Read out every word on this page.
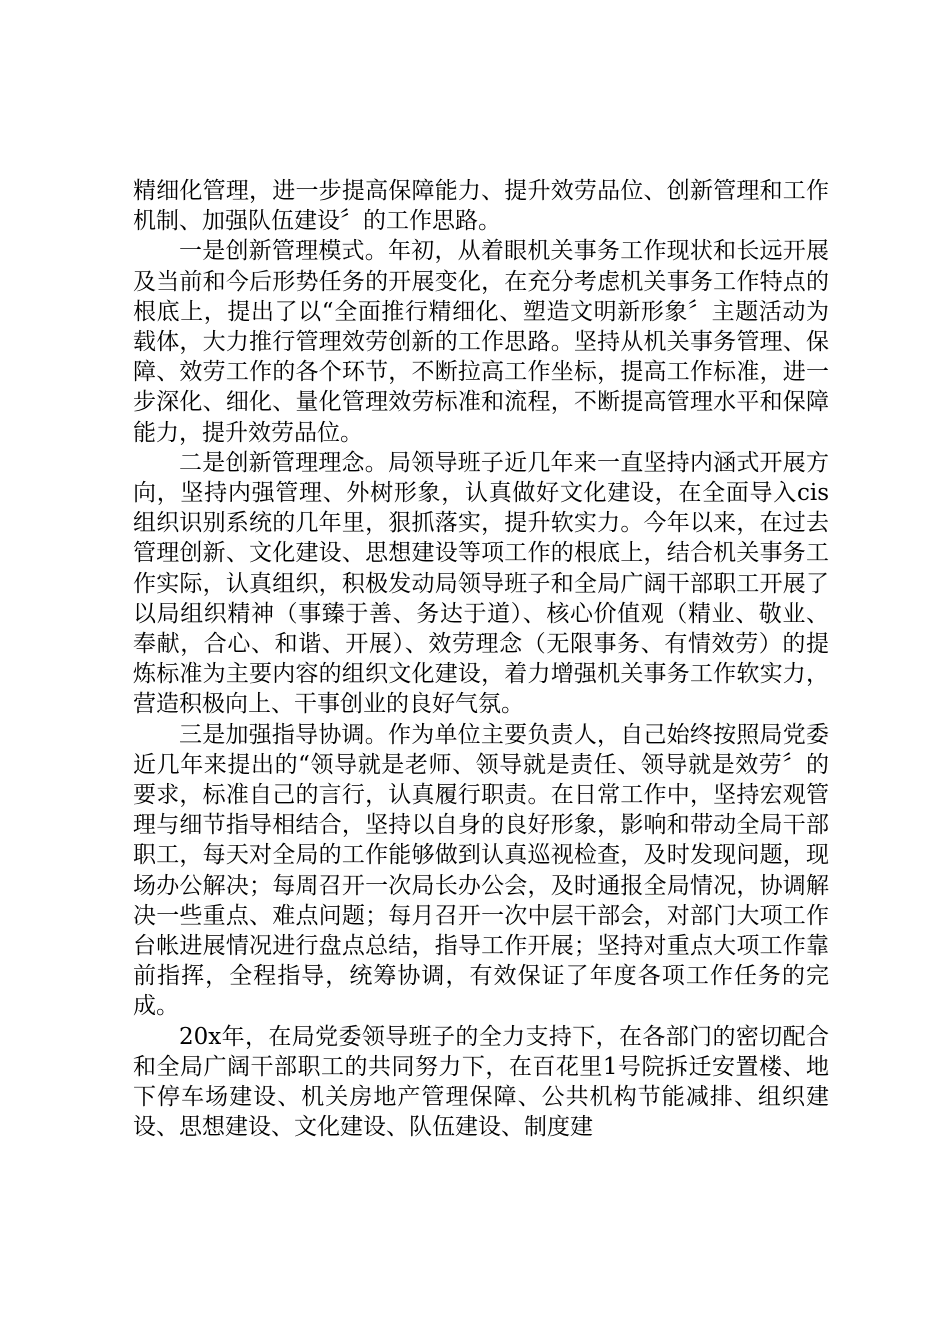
精细化管理，进一步提高保障能力、提升效劳品位、创新管理和工作机制、加强队伍建设〞的工作思路。

一是创新管理模式。年初，从着眼机关事务工作现状和长远开展及当前和今后形势任务的开展变化，在充分考虑机关事务工作特点的根底上，提出了以“全面推行精细化、塑造文明新形象〞主题活动为载体，大力推行管理效劳创新的工作思路。坚持从机关事务管理、保障、效劳工作的各个环节，不断拉高工作坐标，提高工作标准，进一步深化、细化、量化管理效劳标准和流程，不断提高管理水平和保障能力，提升效劳品位。

二是创新管理理念。局领导班子近几年来一直坚持内涵式开展方向，坚持内强管理、外树形象，认真做好文化建设，在全面导入cis组织识别系统的几年里，狠抓落实，提升软实力。今年以来，在过去管理创新、文化建设、思想建设等项工作的根底上，结合机关事务工作实际，认真组织，积极发动局领导班子和全局广阔干部职工开展了以局组织精神（事臻于善、务达于道）、核心价值观（精业、敬业、奉献，合心、和谐、开展）、效劳理念（无限事务、有情效劳）的提炼标准为主要内容的组织文化建设，着力增强机关事务工作软实力，营造积极向上、干事创业的良好气氛。

三是加强指导协调。作为单位主要负责人，自己始终按照局党委近几年来提出的“领导就是老师、领导就是责任、领导就是效劳〞的要求，标准自己的言行，认真履行职责。在日常工作中，坚持宏观管理与细节指导相结合，坚持以自身的良好形象，影响和带动全局干部职工，每天对全局的工作能够做到认真巡视检查，及时发现问题，现场办公解决；每周召开一次局长办公会，及时通报全局情况，协调解决一些重点、难点问题；每月召开一次中层干部会，对部门大项工作台帐进展情况进行盘点总结，指导工作开展；坚持对重点大项工作靠前指挥，全程指导，统筹协调，有效保证了年度各项工作任务的完成。

20x年，在局党委领导班子的全力支持下，在各部门的密切配合和全局广阔干部职工的共同努力下，在百花里1号院拆迁安置楼、地下停车场建设、机关房地产管理保障、公共机构节能减排、组织建设、思想建设、文化建设、队伍建设、制度建
